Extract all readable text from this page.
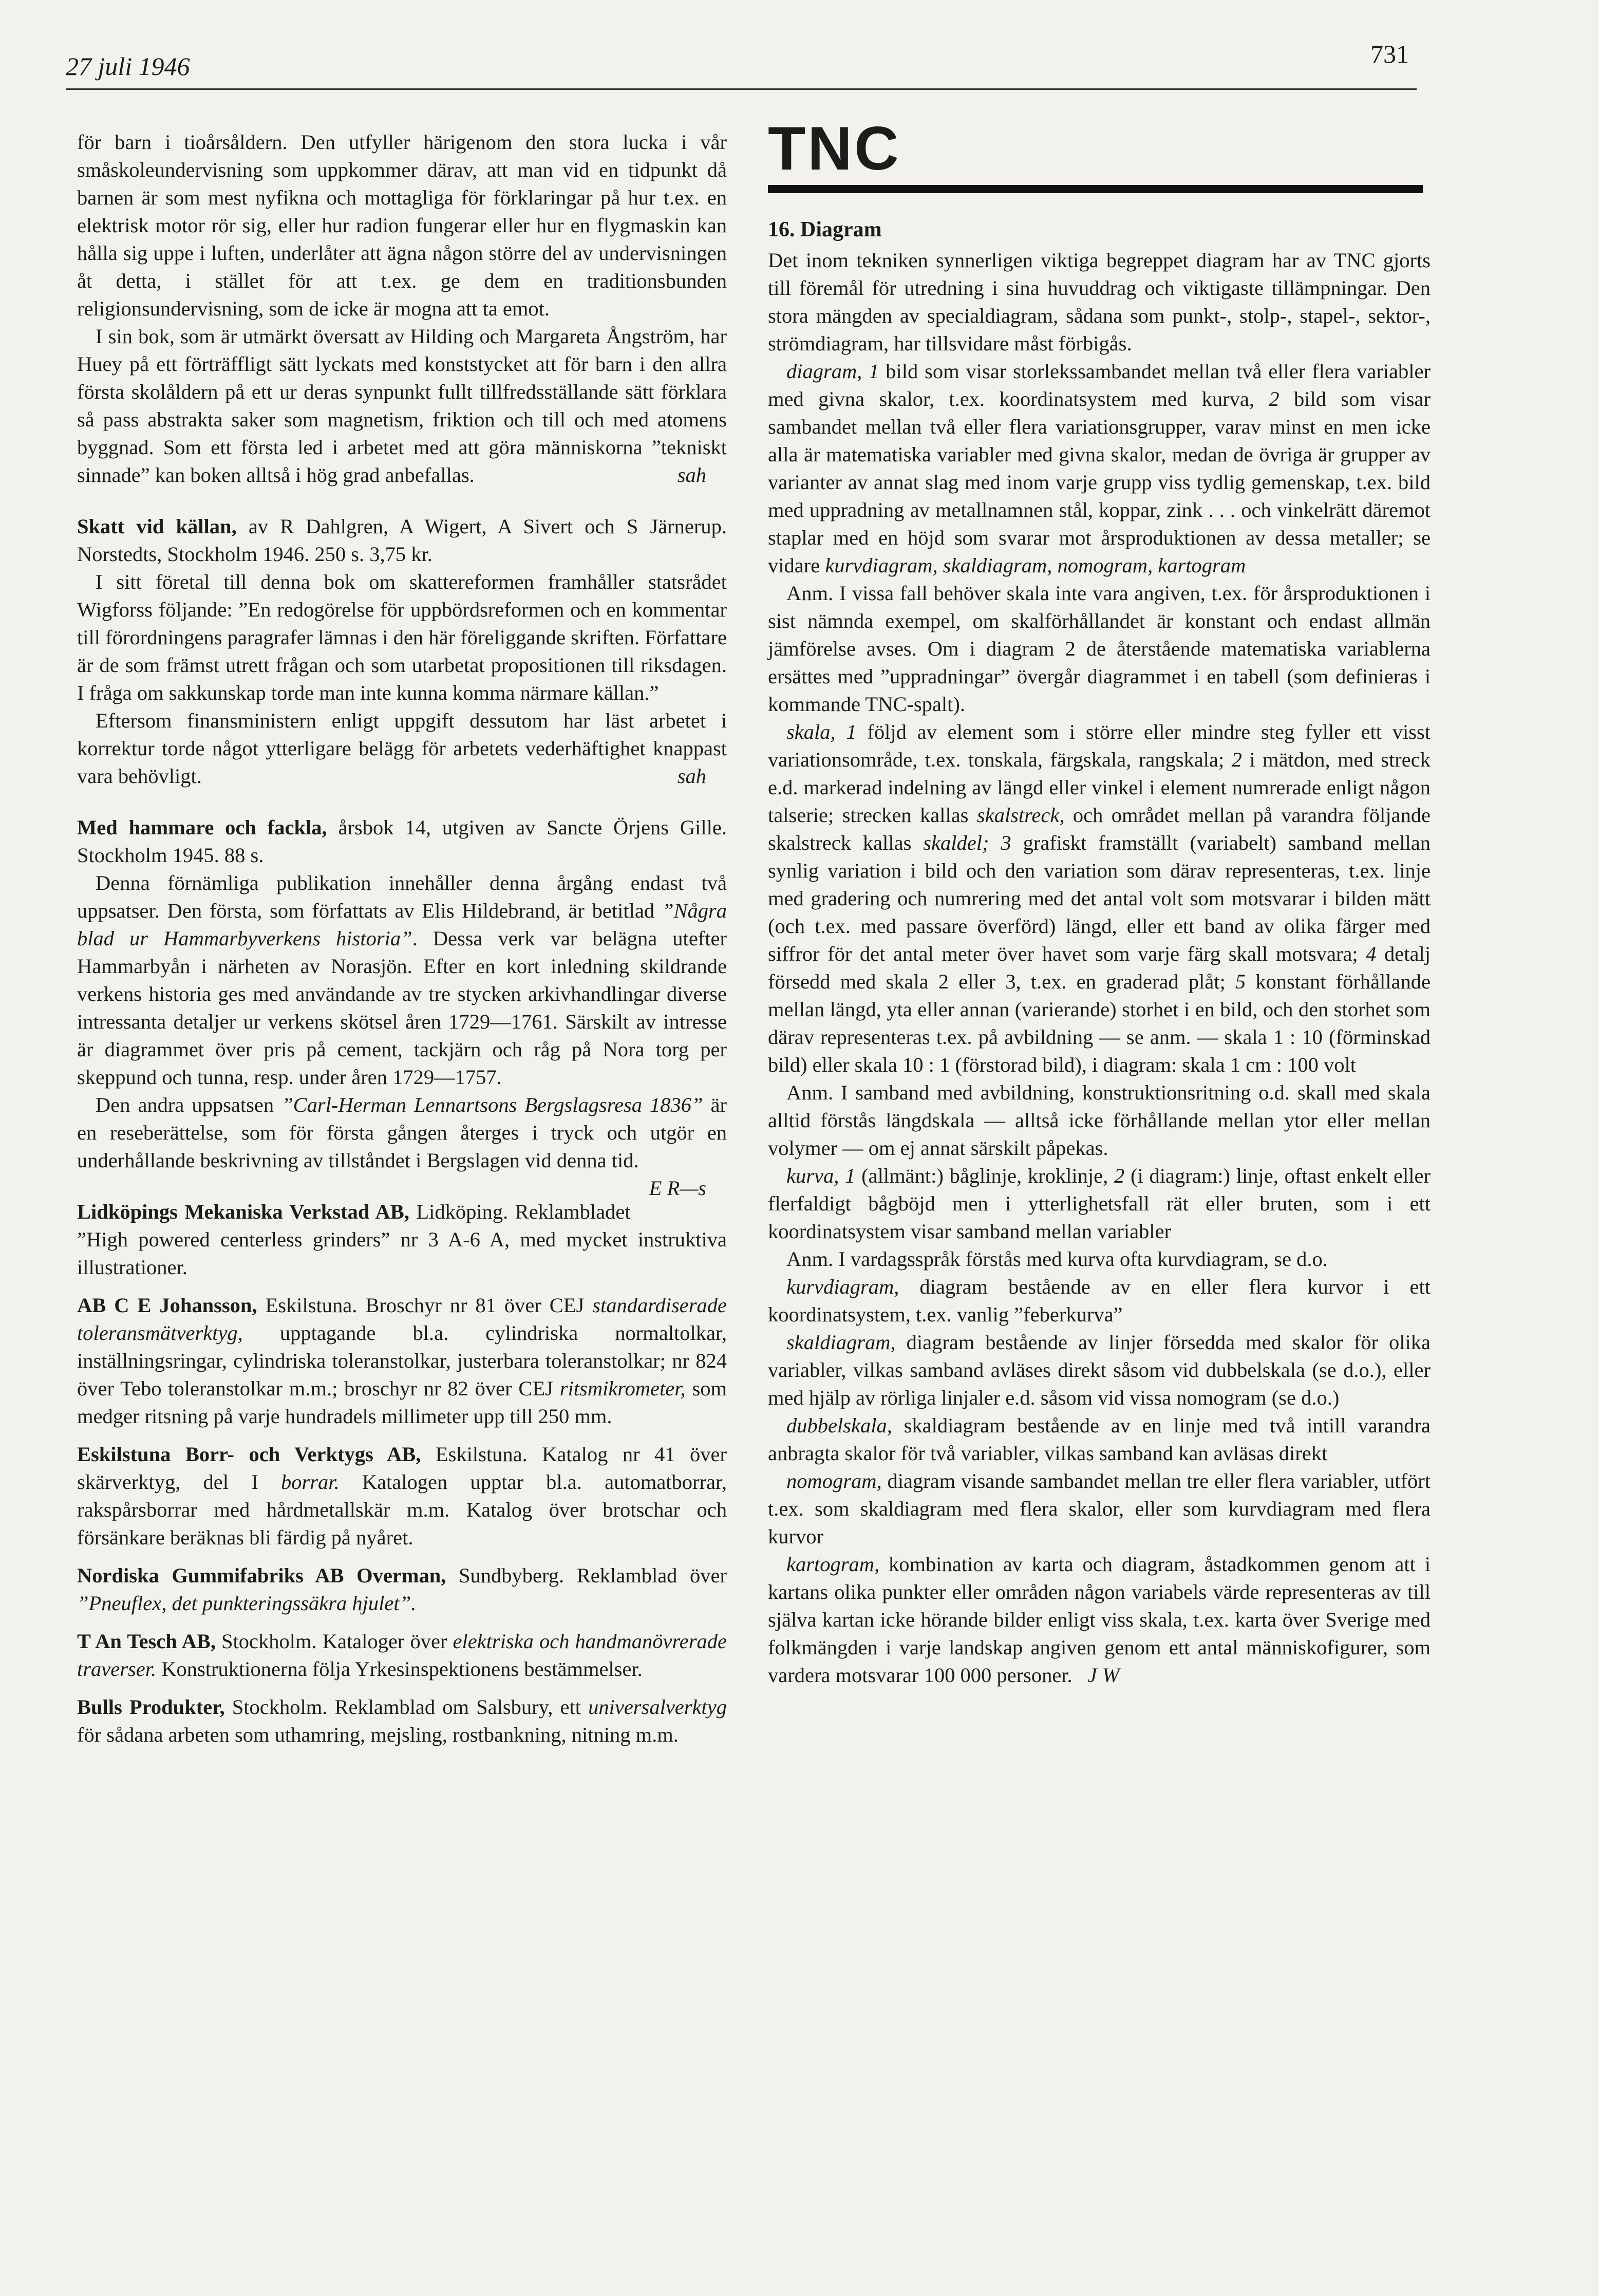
27 juli 1946	731

för barn i tioårsåldern. Den utfyller härigenom den stora lucka i vår småskoleundervisning som uppkommer därav, att man vid en tidpunkt då barnen är som mest nyfikna och mottagliga för förklaringar på hur t.ex. en elektrisk motor rör sig, eller hur radion fungerar eller hur en flygmaskin kan hålla sig uppe i luften, underlåter att ägna någon större del av undervisningen åt detta, i stället för att t.ex. ge dem en traditionsbunden religionsundervisning, som de icke är mogna att ta emot.

I sin bok, som är utmärkt översatt av Hilding och Margareta Ångström, har Huey på ett förträffligt sätt lyckats med konststycket att för barn i den allra första skolåldern på ett ur deras synpunkt fullt tillfredsställande sätt förklara så pass abstrakta saker som magnetism, friktion och till och med atomens byggnad. Som ett första led i arbetet med att göra människorna ”tekniskt sinnade” kan boken alltså i hög grad anbefallas.	sah

Skatt vid källan, av R Dahlgren, A Wigert, A Sivert och S Järnerup. Norstedts, Stockholm 1946. 250 s. 3,75 kr.

I sitt företal till denna bok om skattereformen framhåller statsrådet Wigforss följande: ”En redogörelse för uppbördsreformen och en kommentar till förordningens paragrafer lämnas i den här föreliggande skriften. Författare är de som främst utrett frågan och som utarbetat propositionen till riksdagen. I fråga om sakkunskap torde man inte kunna komma närmare källan.”

Eftersom finansministern enligt uppgift dessutom har läst arbetet i korrektur torde något ytterligare belägg för arbetets vederhäftighet knappast vara behövligt.	sah

Med hammare och fackla, årsbok 14, utgiven av Sancte Örjens Gille. Stockholm 1945. 88 s.

Denna förnämliga publikation innehåller denna årgång endast två uppsatser. Den första, som författats av Elis Hildebrand, är betitlad ”Några blad ur Hammarbyverkens historia”. Dessa verk var belägna utefter Hammarbyån i närheten av Norasjön. Efter en kort inledning skildrande verkens historia ges med användande av tre stycken arkivhandlingar diverse intressanta detaljer ur verkens skötsel åren 1729—1761. Särskilt av intresse är diagrammet över pris på cement, tackjärn och råg på Nora torg per skeppund och tunna, resp. under åren 1729—1757.

Den andra uppsatsen ”Carl-Herman Lennartsons Bergslagsresa 1836” är en reseberättelse, som för första gången återges i tryck och utgör en underhållande beskrivning av tillståndet i Bergslagen vid denna tid.
E R—s

Lidköpings Mekaniska Verkstad AB, Lidköping. Reklambladet ”High powered centerless grinders” nr 3 A-6 A, med mycket instruktiva illustrationer.

AB C E Johansson, Eskilstuna. Broschyr nr 81 över CEJ standardiserade toleransmätverktyg, upptagande bl.a. cylindriska normaltolkar, inställningsringar, cylindriska toleranstolkar, justerbara toleranstolkar; nr 824 över Tebo toleranstolkar m.m.; broschyr nr 82 över CEJ ritsmikrometer, som medger ritsning på varje hundradels millimeter upp till 250 mm.

Eskilstuna Borr- och Verktygs AB, Eskilstuna. Katalog nr 41 över skärverktyg, del I borrar. Katalogen upptar bl.a. automatborrar, rakspårsborrar med hårdmetallskär m.m. Katalog över brotschar och försänkare beräknas bli färdig på nyåret.

Nordiska Gummifabriks AB Overman, Sundbyberg. Reklamblad över ”Pneuflex, det punkteringssäkra hjulet”.

T An Tesch AB, Stockholm. Kataloger över elektriska och handmanövrerade traverser. Konstruktionerna följa Yrkesinspektionens bestämmelser.

Bulls Produkter, Stockholm. Reklamblad om Salsbury, ett universalverktyg för sådana arbeten som uthamring, mejsling, rostbankning, nitning m.m.

TNC

16. Diagram

Det inom tekniken synnerligen viktiga begreppet diagram har av TNC gjorts till föremål för utredning i sina huvuddrag och viktigaste tillämpningar. Den stora mängden av specialdiagram, sådana som punkt-, stolp-, stapel-, sektor-, strömdiagram, har tillsvidare måst förbigås.

diagram, 1 bild som visar storlekssambandet mellan två eller flera variabler med givna skalor, t.ex. koordinatsystem med kurva, 2 bild som visar sambandet mellan två eller flera variationsgrupper, varav minst en men icke alla är matematiska variabler med givna skalor, medan de övriga är grupper av varianter av annat slag med inom varje grupp viss tydlig gemenskap, t.ex. bild med uppradning av metallnamnen stål, koppar, zink . . . och vinkelrätt däremot staplar med en höjd som svarar mot årsproduktionen av dessa metaller; se vidare kurvdiagram, skaldiagram, nomogram, kartogram

Anm. I vissa fall behöver skala inte vara angiven, t.ex. för årsproduktionen i sist nämnda exempel, om skalförhållandet är konstant och endast allmän jämförelse avses. Om i diagram 2 de återstående matematiska variablerna ersättes med ”uppradningar” övergår diagrammet i en tabell (som definieras i kommande TNC-spalt).

skala, 1 följd av element som i större eller mindre steg fyller ett visst variationsområde, t.ex. tonskala, färgskala, rangskala; 2 i mätdon, med streck e.d. markerad indelning av längd eller vinkel i element numrerade enligt någon talserie; strecken kallas skalstreck, och området mellan på varandra följande skalstreck kallas skaldel; 3 grafiskt framställt (variabelt) samband mellan synlig variation i bild och den variation som därav representeras, t.ex. linje med gradering och numrering med det antal volt som motsvarar i bilden mätt (och t.ex. med passare överförd) längd, eller ett band av olika färger med siffror för det antal meter över havet som varje färg skall motsvara; 4 detalj försedd med skala 2 eller 3, t.ex. en graderad plåt; 5 konstant förhållande mellan längd, yta eller annan (varierande) storhet i en bild, och den storhet som därav representeras t.ex. på avbildning — se anm. — skala 1 : 10 (förminskad bild) eller skala 10 : 1 (förstorad bild), i diagram: skala 1 cm : 100 volt

Anm. I samband med avbildning, konstruktionsritning o.d. skall med skala alltid förstås längdskala — alltså icke förhållande mellan ytor eller mellan volymer — om ej annat särskilt påpekas.

kurva, 1 (allmänt:) båglinje, kroklinje, 2 (i diagram:) linje, oftast enkelt eller flerfaldigt bågböjd men i ytterlighetsfall rät eller bruten, som i ett koordinatsystem visar samband mellan variabler

Anm. I vardagsspråk förstås med kurva ofta kurvdiagram, se d.o.

kurvdiagram, diagram bestående av en eller flera kurvor i ett koordinatsystem, t.ex. vanlig ”feberkurva”

skaldiagram, diagram bestående av linjer försedda med skalor för olika variabler, vilkas samband avläses direkt såsom vid dubbelskala (se d.o.), eller med hjälp av rörliga linjaler e.d. såsom vid vissa nomogram (se d.o.)

dubbelskala, skaldiagram bestående av en linje med två intill varandra anbragta skalor för två variabler, vilkas samband kan avläsas direkt

nomogram, diagram visande sambandet mellan tre eller flera variabler, utfört t.ex. som skaldiagram med flera skalor, eller som kurvdiagram med flera kurvor

kartogram, kombination av karta och diagram, åstadkommen genom att i kartans olika punkter eller områden någon variabels värde representeras av till själva kartan icke hörande bilder enligt viss skala, t.ex. karta över Sverige med folkmängden i varje landskap angiven genom ett antal människofigurer, som vardera motsvarar 100 000 personer. J W
